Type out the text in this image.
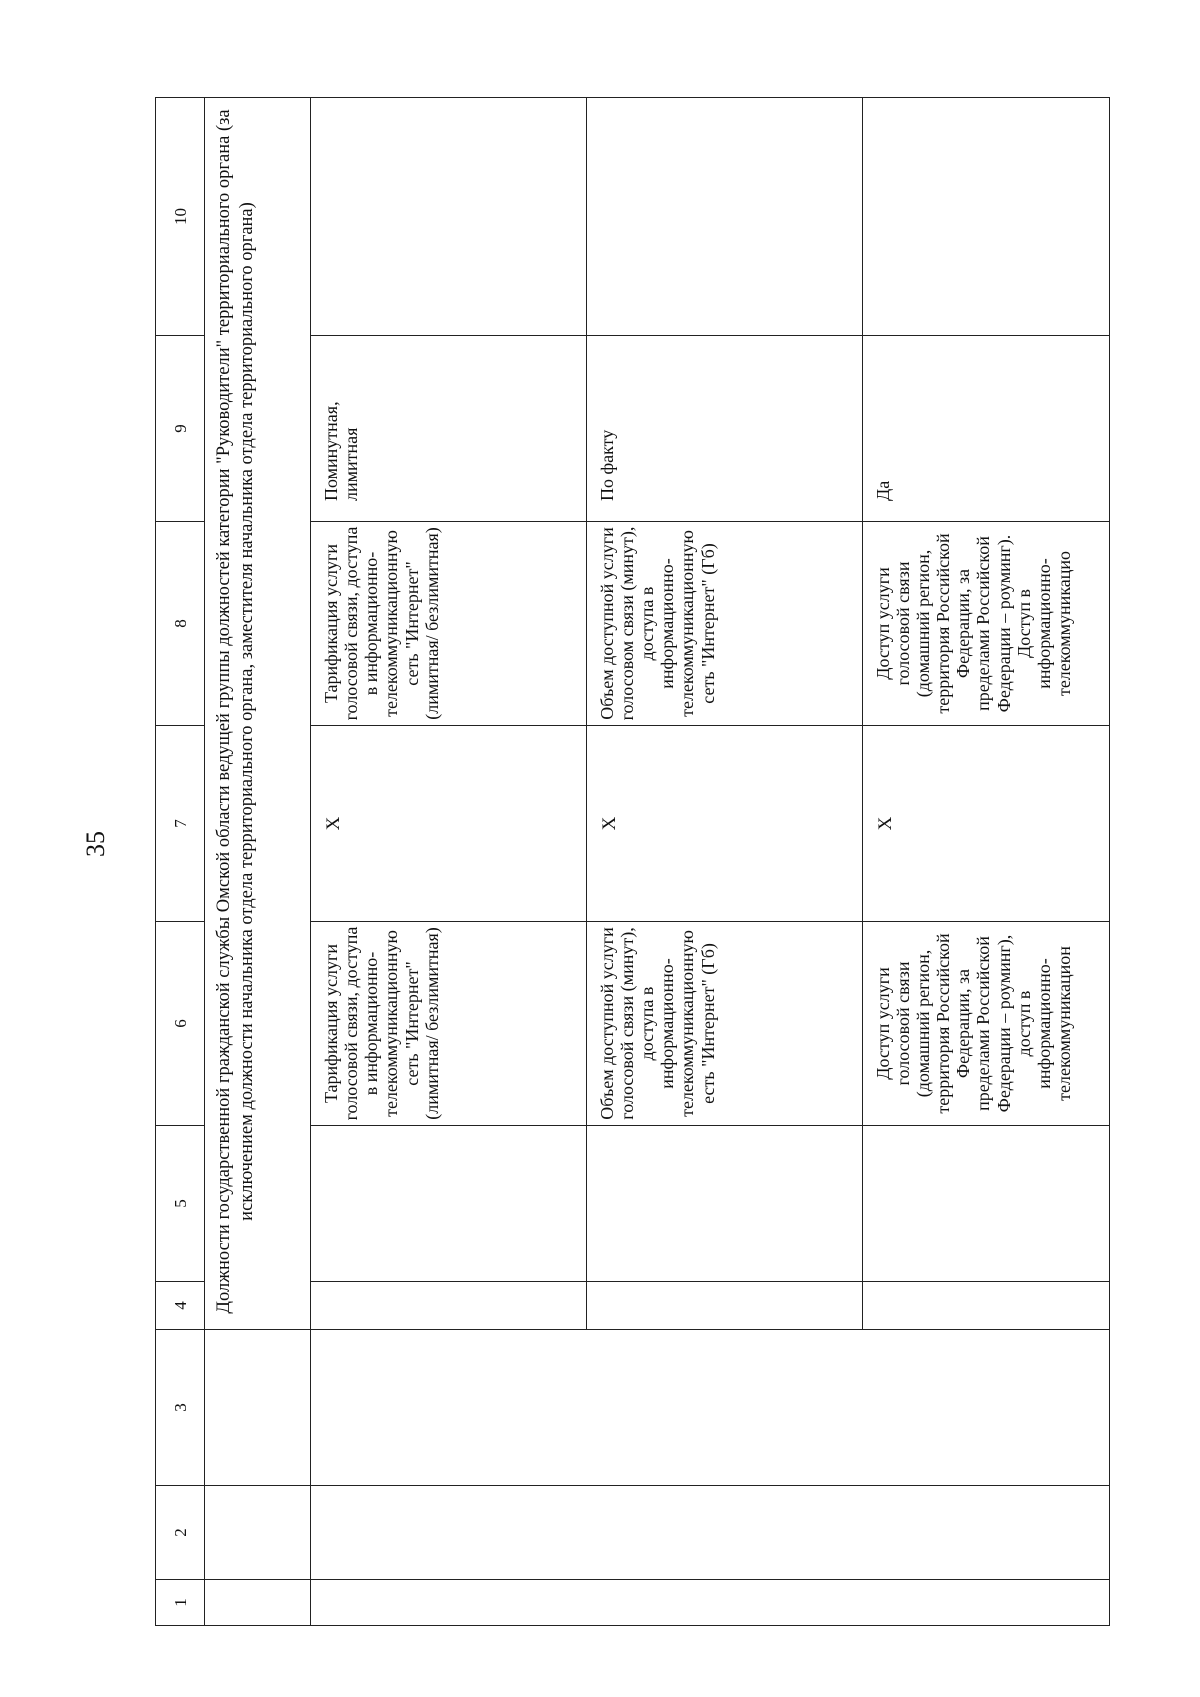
35
1	2	3	4	5	6	7	8	9	10

			Должности государственной гражданской службы Омской области ведущей группы должностей категории "Руководители" территориального органа (за исключением должности начальника отдела территориального органа, заместителя начальника отдела территориального органа)						

					Тарификация услуги голосовой связи, доступа в информационно-телекоммуникационную сеть "Интернет" (лимитная/ безлимитная)	X	Тарификация услуги голосовой связи, доступа в информационно-телекоммуникационную сеть "Интернет" (лимитная/ безлимитная)	Поминутная, лимитная	

					Объем доступной услуги голосовой связи (минут), доступа в информационно-телекоммуникационную есть "Интернет" (Гб)	X	Объем доступной услуги голосовом связи (минут), доступа в информационно-телекоммуникационную сеть "Интернет" (Гб)	По факту	

					Доступ услуги голосовой связи (домашний регион, территория Российской Федерации, за пределами Российской Федерации – роуминг), доступ в информационно-телекоммуникацион	X	Доступ услуги голосовой связи (домашний регион, территория Российской Федерации, за пределами Российской Федерации – роуминг). Доступ в информационно-телекоммуникацио	Да	
